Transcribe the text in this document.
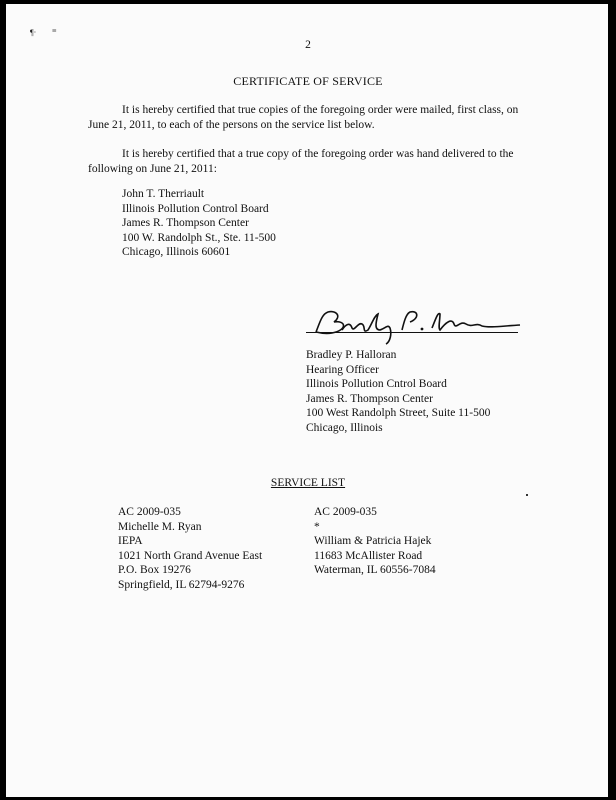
¶· ≡
2
CERTIFICATE OF SERVICE

It is hereby certified that true copies of the foregoing order were mailed, first class, on June 21, 2011, to each of the persons on the service list below.

It is hereby certified that a true copy of the foregoing order was hand delivered to the following on June 21, 2011:

John T. Therriault
Illinois Pollution Control Board
James R. Thompson Center
100 W. Randolph St., Ste. 11-500
Chicago, Illinois 60601
Bradley P. Halloran
Hearing Officer
Illinois Pollution Cntrol Board
James R. Thompson Center
100 West Randolph Street, Suite 11-500
Chicago, Illinois
SERVICE LIST
AC 2009-035
Michelle M. Ryan
IEPA
1021 North Grand Avenue East
P.O. Box 19276
Springfield, IL 62794-9276
AC 2009-035
*
William & Patricia Hajek
11683 McAllister Road
Waterman, IL 60556-7084
